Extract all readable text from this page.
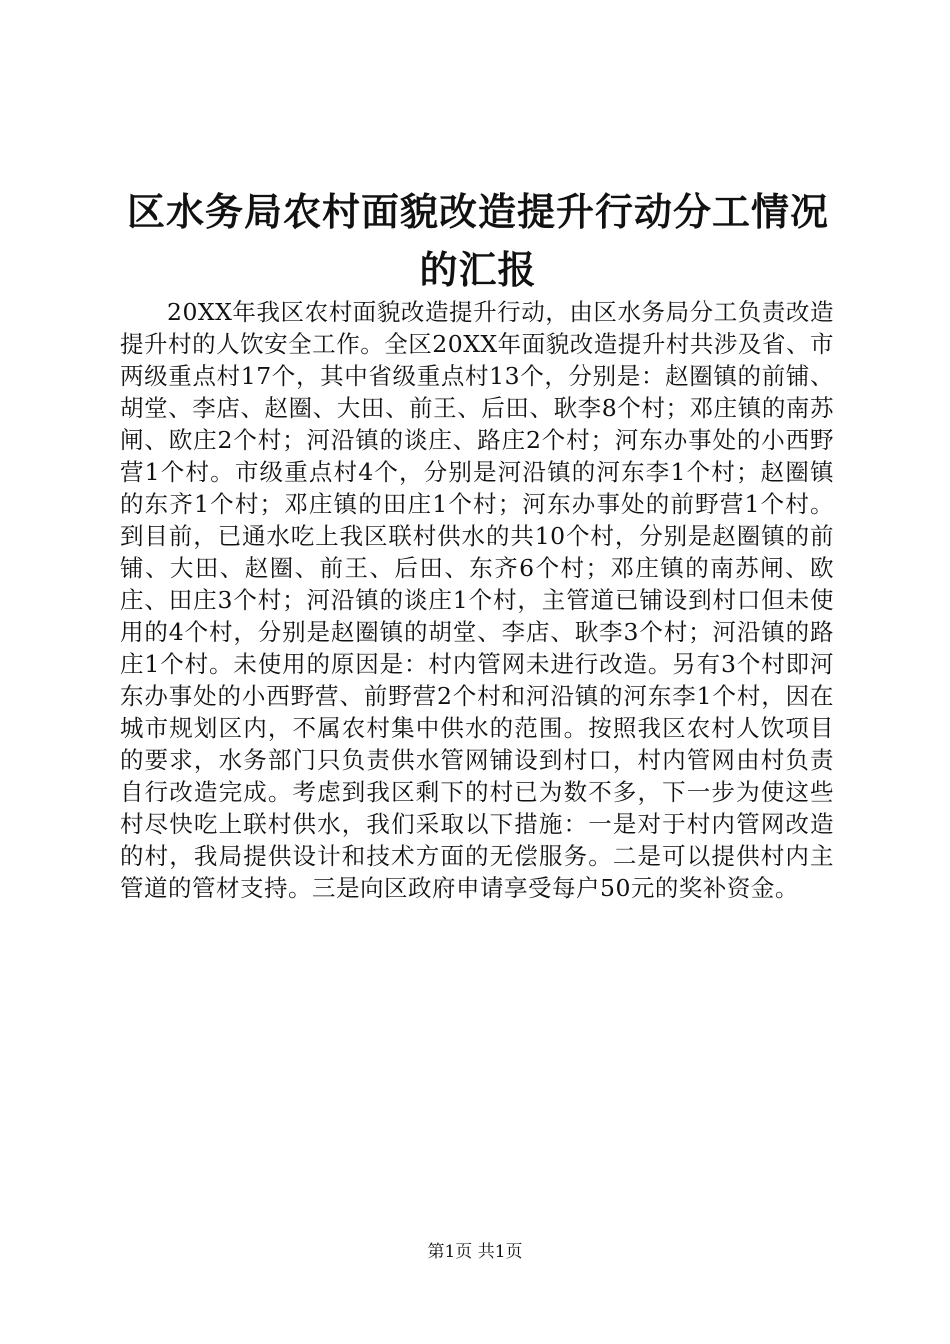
区水务局农村面貌改造提升行动分工情况的汇报

20XX年我区农村面貌改造提升行动，由区水务局分工负责改造提升村的人饮安全工作。全区20XX年面貌改造提升村共涉及省、市两级重点村17个，其中省级重点村13个，分别是：赵圈镇的前铺、胡堂、李店、赵圈、大田、前王、后田、耿李8个村；邓庄镇的南苏闸、欧庄2个村；河沿镇的谈庄、路庄2个村；河东办事处的小西野营1个村。市级重点村4个，分别是河沿镇的河东李1个村；赵圈镇的东齐1个村；邓庄镇的田庄1个村；河东办事处的前野营1个村。到目前，已通水吃上我区联村供水的共10个村，分别是赵圈镇的前铺、大田、赵圈、前王、后田、东齐6个村；邓庄镇的南苏闸、欧庄、田庄3个村；河沿镇的谈庄1个村，主管道已铺设到村口但未使用的4个村，分别是赵圈镇的胡堂、李店、耿李3个村；河沿镇的路庄1个村。未使用的原因是：村内管网未进行改造。另有3个村即河东办事处的小西野营、前野营2个村和河沿镇的河东李1个村，因在城市规划区内，不属农村集中供水的范围。按照我区农村人饮项目的要求，水务部门只负责供水管网铺设到村口，村内管网由村负责自行改造完成。考虑到我区剩下的村已为数不多，下一步为使这些村尽快吃上联村供水，我们采取以下措施：一是对于村内管网改造的村，我局提供设计和技术方面的无偿服务。二是可以提供村内主管道的管材支持。三是向区政府申请享受每户50元的奖补资金。

第1页 共1页
